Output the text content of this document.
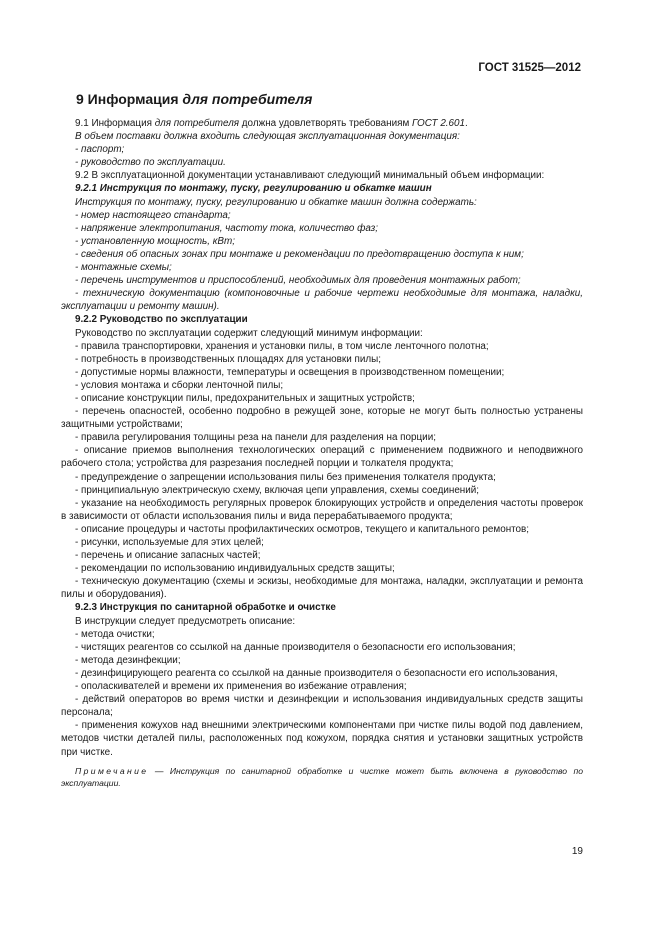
ГОСТ 31525—2012

9 Информация для потребителя

9.1 Информация для потребителя должна удовлетворять требованиям ГОСТ 2.601.

В объем поставки должна входить следующая эксплуатационная документация:

- паспорт;

- руководство по эксплуатации.

9.2 В эксплуатационной документации устанавливают следующий минимальный объем информации:

9.2.1 Инструкция по монтажу, пуску, регулированию и обкатке машин

Инструкция по монтажу, пуску, регулированию и обкатке машин должна содержать:

- номер настоящего стандарта;

- напряжение электропитания, частоту тока, количество фаз;

- установленную мощность, кВт;

- сведения об опасных зонах при монтаже и рекомендации по предотвращению доступа к ним;

- монтажные схемы;

- перечень инструментов и приспособлений, необходимых для проведения монтажных работ;

- техническую документацию (компоновочные и рабочие чертежи необходимые для монтажа, наладки, эксплуатации и ремонту машин).

9.2.2 Руководство по эксплуатации

Руководство по эксплуатации содержит следующий минимум информации:

- правила транспортировки, хранения и установки пилы, в том числе ленточного полотна;

- потребность в производственных площадях для установки пилы;

- допустимые нормы влажности, температуры и освещения в производственном помещении;

- условия монтажа и сборки ленточной пилы;

- описание конструкции пилы, предохранительных и защитных устройств;

- перечень опасностей, особенно подробно в режущей зоне, которые не могут быть полностью устранены защитными устройствами;

- правила регулирования толщины реза на панели для разделения на порции;

- описание приемов выполнения технологических операций с применением подвижного и неподвижного рабочего стола; устройства для разрезания последней порции и толкателя продукта;

- предупреждение о запрещении использования пилы без применения толкателя продукта;

- принципиальную электрическую схему, включая цепи управления, схемы соединений;

- указание на необходимость регулярных проверок блокирующих устройств и определения частоты проверок в зависимости от области использования пилы и вида перерабатываемого продукта;

- описание процедуры и частоты профилактических осмотров, текущего и капитального ремонтов;

- рисунки, используемые для этих целей;

- перечень и описание запасных частей;

- рекомендации по использованию индивидуальных средств защиты;

- техническую документацию (схемы и эскизы, необходимые для монтажа, наладки, эксплуатации и ремонта пилы и оборудования).

9.2.3 Инструкция по санитарной обработке и очистке

В инструкции следует предусмотреть описание:

- метода очистки;

- чистящих реагентов со ссылкой на данные производителя о безопасности его использования;

- метода дезинфекции;

- дезинфицирующего реагента со ссылкой на данные производителя о безопасности его использования,

- ополаскивателей и времени их применения во избежание отравления;

- действий операторов во время чистки и дезинфекции и использования индивидуальных средств защиты персонала;

- применения кожухов над внешними электрическими компонентами при чистке пилы водой под давлением, методов чистки деталей пилы, расположенных под кожухом, порядка снятия и установки защитных устройств при чистке.

Примечание — Инструкция по санитарной обработке и чистке может быть включена в руководство по эксплуатации.

19
